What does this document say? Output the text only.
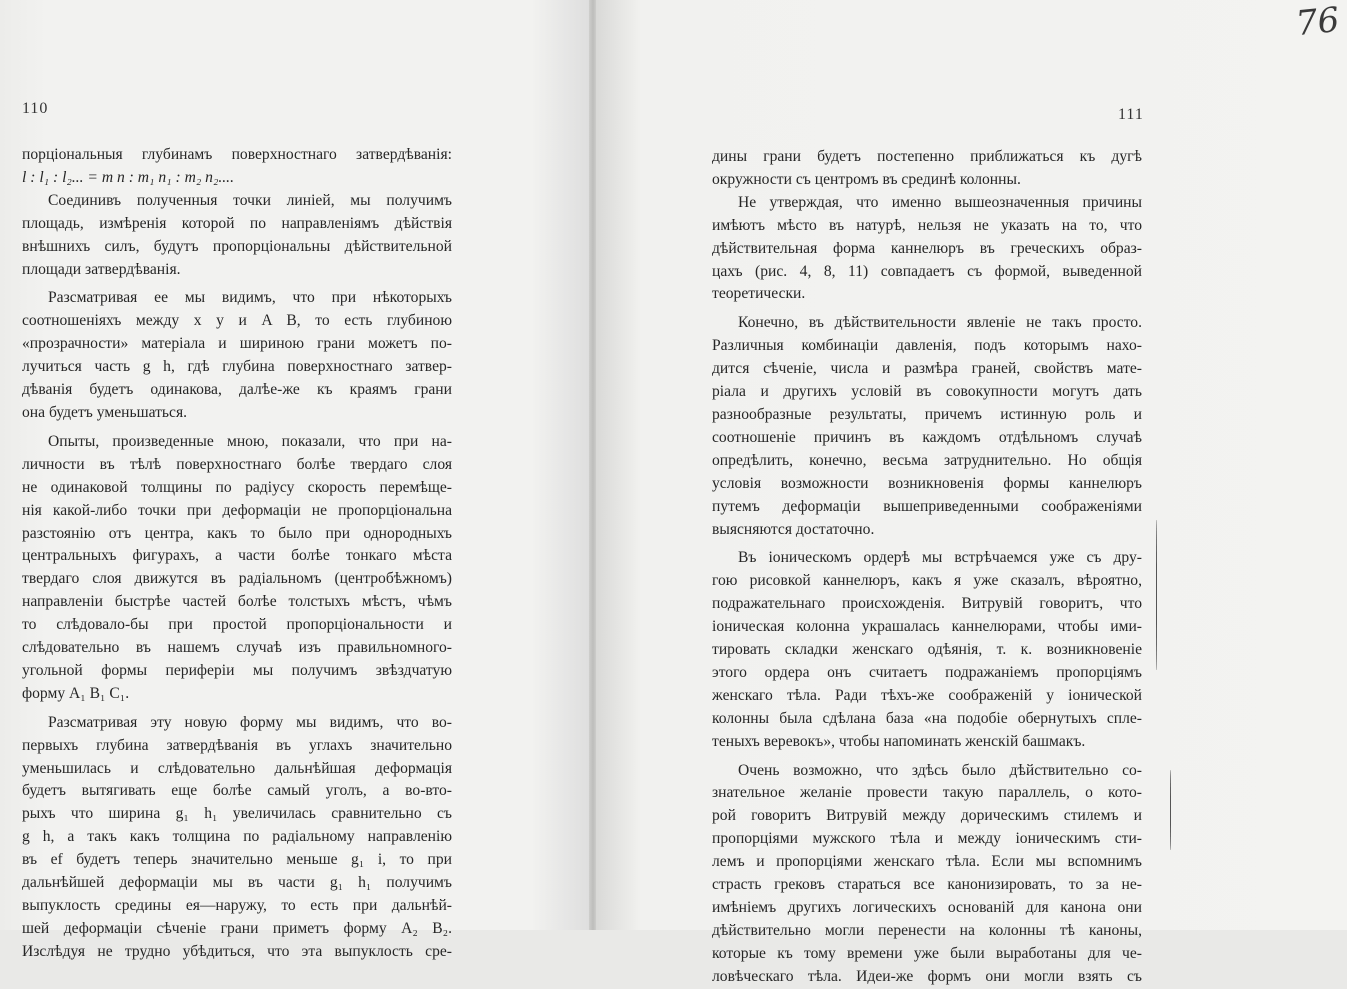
110
порціональныя глубинамъ поверхностнаго затвердѣванія:
l : l₁ : l₂... = m n : m₁ n₁ : m₂ n₂....
Соединивъ полученныя точки линіей, мы получимъ
площадь, измѣренія которой по направленіямъ дѣйствія
внѣшнихъ силъ, будутъ пропорціональны дѣйствительной
площади затвердѣванія.
Разсматривая ее мы видимъ, что при нѣкоторыхъ
соотношеніяхъ между x y и A B, то есть глубиною
«прозрачности» матеріала и шириною грани можетъ по-
лучиться часть g h, гдѣ глубина поверхностнаго затвер-
дѣванія будетъ одинакова, далѣе-же къ краямъ грани
она будетъ уменьшаться.
Опыты, произведенные мною, показали, что при на-
личности въ тѣлѣ поверхностнаго болѣе твердаго слоя
не одинаковой толщины по радіусу скорость перемѣще-
нія какой-либо точки при деформаціи не пропорціональна
разстоянію отъ центра, какъ то было при однородныхъ
центральныхъ фигурахъ, а части болѣе тонкаго мѣста
твердаго слоя движутся въ радіальномъ (центробѣжномъ)
направленіи быстрѣе частей болѣе толстыхъ мѣстъ, чѣмъ
то слѣдовало-бы при простой пропорціональности и
слѣдовательно въ нашемъ случаѣ изъ правильномного-
угольной формы периферіи мы получимъ звѣздчатую
форму A₁ B₁ C₁.
Разсматривая эту новую форму мы видимъ, что во-
первыхъ глубина затвердѣванія въ углахъ значительно
уменьшилась и слѣдовательно дальнѣйшая деформація
будетъ вытягивать еще болѣе самый уголъ, а во-вто-
рыхъ что ширина g₁ h₁ увеличилась сравнительно съ
g h, а такъ какъ толщина по радіальному направленію
въ ef будетъ теперь значительно меньше g₁ i, то при
дальнѣйшей деформаціи мы въ части g₁ h₁ получимъ
выпуклость средины ея—наружу, то есть при дальнѣй-
шей деформаціи сѣченіе грани приметъ форму A₂ B₂.
Изслѣдуя не трудно убѣдиться, что эта выпуклость сре-
111
76
дины грани будетъ постепенно приближаться къ дугѣ
окружности съ центромъ въ срединѣ колонны.
Не утверждая, что именно вышеозначенныя причины
имѣютъ мѣсто въ натурѣ, нельзя не указать на то, что
дѣйствительная форма каннелюръ въ греческихъ образ-
цахъ (рис. 4, 8, 11) совпадаетъ съ формой, выведенной
теоретически.
Конечно, въ дѣйствительности явленіе не такъ просто.
Различныя комбинаціи давленія, подъ которымъ нахо-
дится сѣченіе, числа и размѣра граней, свойствъ мате-
ріала и другихъ условій въ совокупности могутъ дать
разнообразные результаты, причемъ истинную роль и
соотношеніе причинъ въ каждомъ отдѣльномъ случаѣ
опредѣлить, конечно, весьма затруднительно. Но общія
условія возможности возникновенія формы каннелюръ
путемъ деформаціи вышеприведенными соображеніями
выясняются достаточно.
Въ іоническомъ ордерѣ мы встрѣчаемся уже съ дру-
гою рисовкой каннелюръ, какъ я уже сказалъ, вѣроятно,
подражательнаго происхожденія. Витрувій говоритъ, что
іоническая колонна украшалась каннелюрами, чтобы ими-
тировать складки женскаго одѣянія, т. к. возникновеніе
этого ордера онъ считаетъ подражаніемъ пропорціямъ
женскаго тѣла. Ради тѣхъ-же соображеній у іонической
колонны была сдѣлана база «на подобіе обернутыхъ спле-
теныхъ веревокъ», чтобы напоминать женскій башмакъ.
Очень возможно, что здѣсь было дѣйствительно со-
знательное желаніе провести такую параллель, о кото-
рой говоритъ Витрувій между дорическимъ стилемъ и
пропорціями мужского тѣла и между іоническимъ сти-
лемъ и пропорціями женскаго тѣла. Если мы вспомнимъ
страсть грековъ стараться все канонизировать, то за не-
имѣніемъ другихъ логическихъ основаній для канона они
дѣйствительно могли перенести на колонны тѣ каноны,
которые къ тому времени уже были выработаны для че-
ловѣческаго тѣла. Идеи-же формъ они могли взять съ
